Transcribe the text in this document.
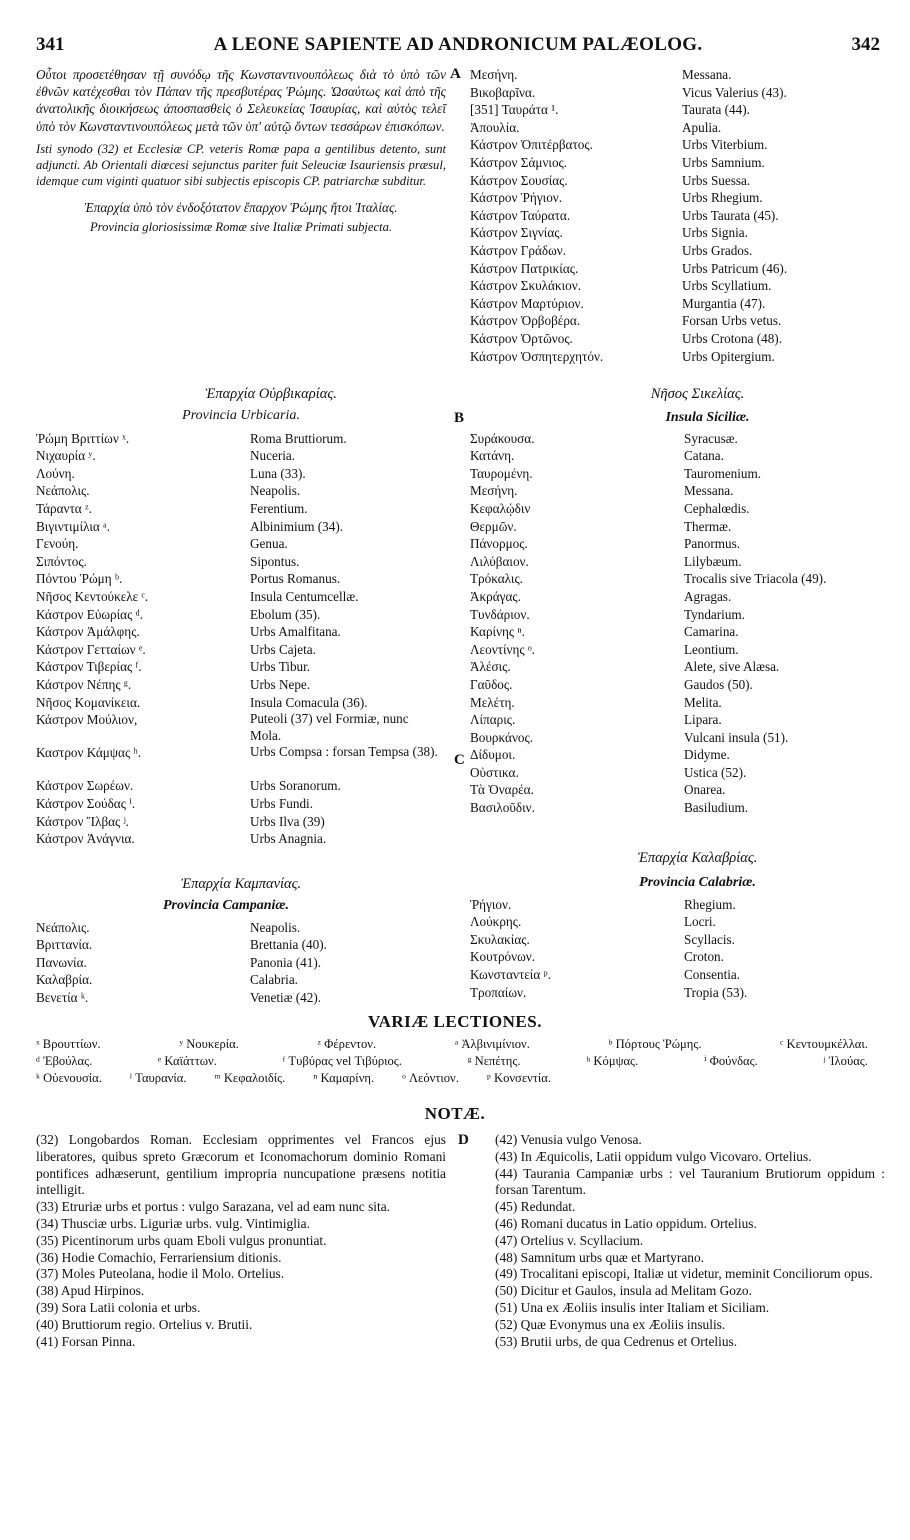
341	A LEONE SAPIENTE AD ANDRONICUM PALÆOLOG.	342
A
B
C
D

Οὗτοι προσετέθησαν τῇ συνόδῳ τῆς Κωνσταντινουπόλεως διὰ τὸ ὑπὸ τῶν ἐθνῶν κατέχεσθαι τὸν Πάπαν τῆς πρεσβυτέρας Ῥώμης. Ὡσαύτως καὶ ἀπὸ τῆς ἀνατολικῆς διοικήσεως ἀποσπασθεὶς ὁ Σελευκείας Ἰσαυρίας, καὶ αὐτὸς τελεῖ ὑπὸ τὸν Κωνσταντινουπόλεως μετὰ τῶν ὑπ' αὐτῷ ὄντων τεσσάρων ἐπισκόπων.

Isti synodo (32) et Ecclesiæ CP. veteris Romæ papa a gentilibus detento, sunt adjuncti. Ab Orientali diœcesi sejunctus pariter fuit Seleuciæ Isauriensis præsul, idemque cum viginti quatuor sibi subjectis episcopis CP. patriarchæ subditur.

Ἐπαρχία ὑπὸ τὸν ἐνδοξότατον ἔπαρχον Ῥώμης ἤτοι Ἰταλίας.

Provincia gloriosissimæ Romæ sive Italiæ Primati subjecta.

Ἐπαρχία Οὐρβικαρίας.
Provincia Urbicaria.
Ῥώμη Βριττίων ˣ.	Roma Bruttiorum.
Νιχαυρία ʸ.	Nuceria.
Λούνη.	Luna (33).
Νεάπολις.	Neapolis.
Τάραντα ᶻ.	Ferentium.
Βιγιντιμίλια ᵃ.	Albinimium (34).
Γενούη.	Genua.
Σιπόντος.	Sipontus.
Πόντου Ῥώμη ᵇ.	Portus Romanus.
Νῆσος Κεντούκελε ᶜ.	Insula Centumcellæ.
Κάστρον Εὐωρίας ᵈ.	Ebolum (35).
Κάστρον Ἀμάλφης.	Urbs Amalfitana.
Κάστρον Γετταίων ᵉ.	Urbs Cajeta.
Κάστρον Τιβερίας ᶠ.	Urbs Tibur.
Κάστρον Νέπης ᵍ.	Urbs Nepe.
Νῆσος Κομανίκεια.	Insula Comacula (36).
Κάστρον Μούλιον,	Puteoli (37) vel Formiæ, nunc Mola.
Καστρον Κάμψας ʰ.	Urbs Compsa : forsan Tempsa (38).
Κάστρον Σωρέων.	Urbs Soranorum.
Κάστρον Σούδας ⁱ.	Urbs Fundi.
Κάστρον Ἴλβας ʲ.	Urbs Ilva (39)
Κάστρον Ἀνάγνια.	Urbs Anagnia.
Ἐπαρχία Καμπανίας.
Provincia Campaniæ.
Νεάπολις.	Neapolis.
Βριττανία.	Brettania (40).
Πανωνία.	Panonia (41).
Καλαβρία.	Calabria.
Βενετία ᵏ.	Venetiæ (42).
Μεσήνη.	Messana.
Βικοβαρῖνα.	Vicus Valerius (43).
[351] Ταυράτα ¹.	Taurata (44).
Ἀπουλία.	Apulia.
Κάστρον Ὀπιτέρβατος.	Urbs Viterbium.
Κάστρον Σάμνιος.	Urbs Samnium.
Κάστρον Σουσίας.	Urbs Suessa.
Κάστρον Ῥήγιον.	Urbs Rhegium.
Κάστρον Ταύρατα.	Urbs Taurata (45).
Κάστρον Σιγνίας.	Urbs Signia.
Κάστρον Γράδων.	Urbs Grados.
Κάστρον Πατρικίας.	Urbs Patricum (46).
Κάστρον Σκυλάκιον.	Urbs Scyllatium.
Κάστρον Μαρτύριον.	Murgantia (47).
Κάστρον Ὀρβοβέρα.	Forsan Urbs vetus.
Κάστρον Ὀρτῶνος.	Urbs Crotona (48).
Κάστρον Ὀσπητερχητόν.	Urbs Opitergium.
Νῆσος Σικελίας.
Insula Siciliæ.
Συράκουσα.	Syracusæ.
Κατάνη.	Catana.
Ταυρομένη.	Tauromenium.
Μεσήνη.	Messana.
Κεφαλῴδιν	Cephalœdis.
Θερμῶν.	Thermæ.
Πάνορμος.	Panormus.
Λιλύβαιον.	Lilybæum.
Τρόκαλις.	Trocalis sive Triacola (49).
Ἀκράγας.	Agragas.
Τυνδάριον.	Tyndarium.
Καρίνης ⁿ.	Camarina.
Λεοντίνης ᵒ.	Leontium.
Ἀλέσις.	Alete, sive Alæsa.
Γαῦδος.	Gaudos (50).
Μελέτη.	Melita.
Λίπαρις.	Lipara.
Βουρκάνος.	Vulcani insula (51).
Δίδυμοι.	Didyme.
Οὐστικα.	Ustica (52).
Τὰ Ὀναρέα.	Onarea.
Βασιλοῦδιν.	Basiludium.
Ἐπαρχία Καλαβρίας.
Provincia Calabriæ.
Ῥήγιον.	Rhegium.
Λούκρης.	Locri.
Σκυλακίας.	Scyllacis.
Κουτρόνων.	Croton.
Κωνσταντεία ᵖ.	Consentia.
Τροπαίων.	Tropia (53).
VARIÆ LECTIONES.
ˣ Βρουττίων.	ʸ Νουκερία.	ᶻ Φέρεντον.	ᵃ Ἀλβινιμίνιον.	ᵇ Πόρτους Ῥώμης.	ᶜ Κεντουμκέλλαι.
ᵈ Ἐβούλας.	ᵉ Καϊάττων.	ᶠ Τυβύρας vel Τιβύριος.	ᵍ Νεπέτης.	ʰ Κόμψας.	ⁱ Φούνδας.	ʲ Ἰλούας.
ᵏ Οὐενουσία. ˡ Ταυρανία. ᵐ Κεφαλοιδίς. ⁿ Καμαρίνη. ᵒ Λεόντιον. ᵖ Κονσεντία.
NOTÆ.

(32) Longobardos Roman. Ecclesiam opprimentes vel Francos ejus liberatores, quibus spreto Græcorum et Iconomachorum dominio Romani pontifices adhæserunt, gentilium impropria nuncupatione præsens notitia intelligit.

(33) Etruriæ urbs et portus : vulgo Sarazana, vel ad eam nunc sita.

(34) Thusciæ urbs. Liguriæ urbs. vulg. Vintimiglia.

(35) Picentinorum urbs quam Eboli vulgus pronuntiat.

(36) Hodie Comachio, Ferrariensium ditionis.

(37) Moles Puteolana, hodie il Molo. Ortelius.

(38) Apud Hirpinos.

(39) Sora Latii colonia et urbs.

(40) Bruttiorum regio. Ortelius v. Brutii.

(41) Forsan Pinna.

(42) Venusia vulgo Venosa.

(43) In Æquicolis, Latii oppidum vulgo Vicovaro. Ortelius.

(44) Taurania Campaniæ urbs : vel Tauranium Brutiorum oppidum : forsan Tarentum.

(45) Redundat.

(46) Romani ducatus in Latio oppidum. Ortelius.

(47) Ortelius v. Scyllacium.

(48) Samnitum urbs quæ et Martyrano.

(49) Trocalitani episcopi, Italiæ ut videtur, meminit Conciliorum opus.

(50) Dicitur et Gaulos, insula ad Melitam Gozo.

(51) Una ex Æoliis insulis inter Italiam et Siciliam.

(52) Quæ Evonymus una ex Æoliis insulis.

(53) Brutii urbs, de qua Cedrenus et Ortelius.
